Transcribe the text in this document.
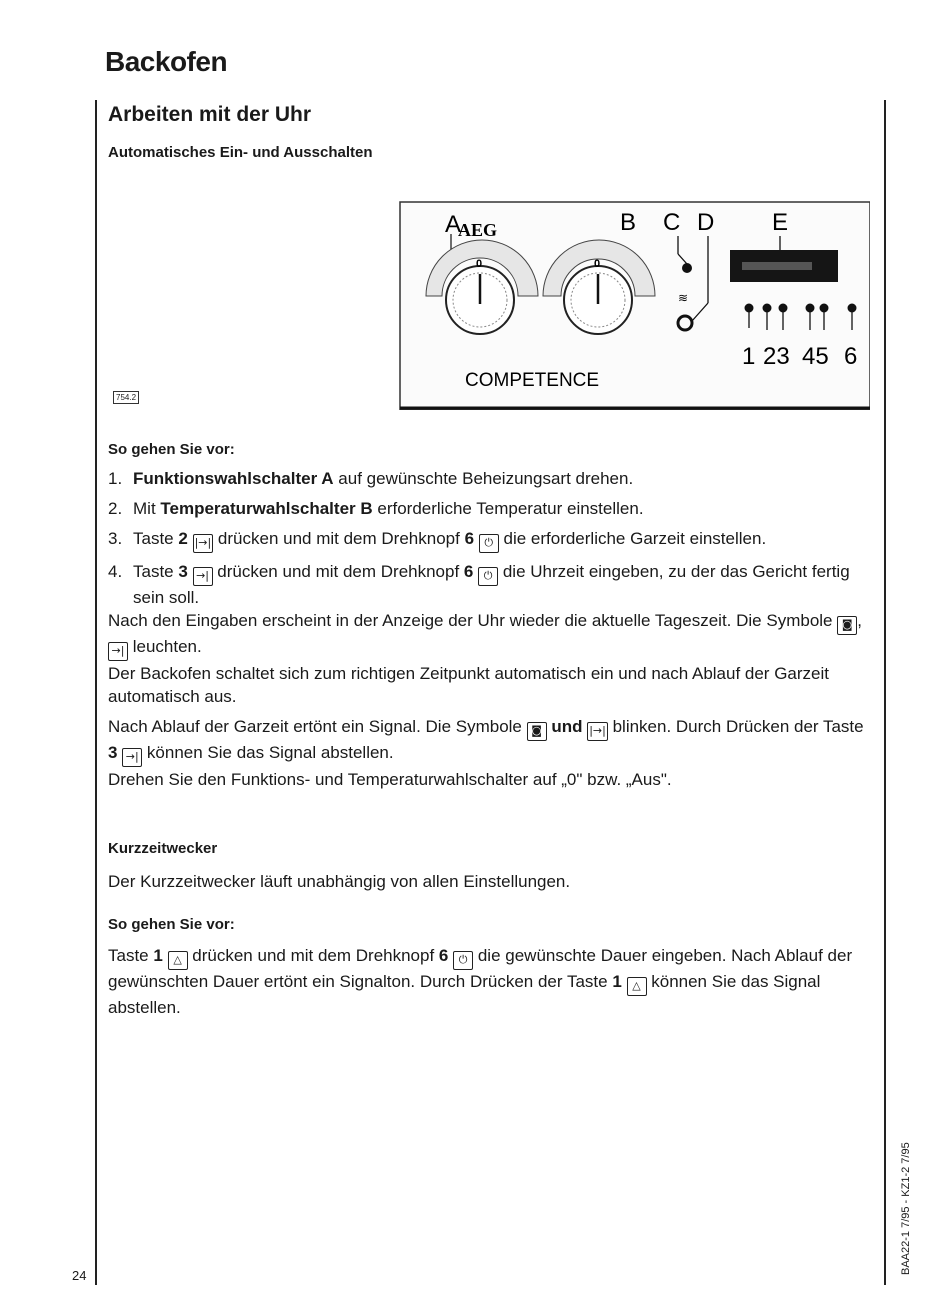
Backofen
Arbeiten mit der Uhr
Automatisches Ein- und Ausschalten
A
AEG	B C D E
0	0
≋
1 23 45 6
COMPETENCE
754.2
So gehen Sie vor:
1. Funktionswahlschalter A auf gewünschte Beheizungsart drehen.
2. Mit Temperaturwahlschalter B erforderliche Temperatur einstellen.
3. Taste 2 |→| drücken und mit dem Drehknopf 6 ⏻ die erforderliche Garzeit einstellen.
4. Taste 3 →| drücken und mit dem Drehknopf 6 ⏻ die Uhrzeit eingeben, zu der das Gericht fertig sein soll.
Nach den Eingaben erscheint in der Anzeige der Uhr wieder die aktuelle Tageszeit. Die Symbole ◙ , →| leuchten.
Der Backofen schaltet sich zum richtigen Zeitpunkt automatisch ein und nach Ablauf der Garzeit automatisch aus.
Nach Ablauf der Garzeit ertönt ein Signal. Die Symbole ◙ und |→| blinken. Durch Drücken der Taste 3 →| können Sie das Signal abstellen.
Drehen Sie den Funktions- und Temperaturwahlschalter auf „0" bzw. „Aus".
Kurzzeitwecker
Der Kurzzeitwecker läuft unabhängig von allen Einstellungen.
So gehen Sie vor:
Taste 1 △ drücken und mit dem Drehknopf 6 ⏻ die gewünschte Dauer eingeben. Nach Ablauf der gewünschten Dauer ertönt ein Signalton. Durch Drücken der Taste 1 △ können Sie das Signal abstellen.
24
BAA22-1 7/95 - KZ1-2 7/95
